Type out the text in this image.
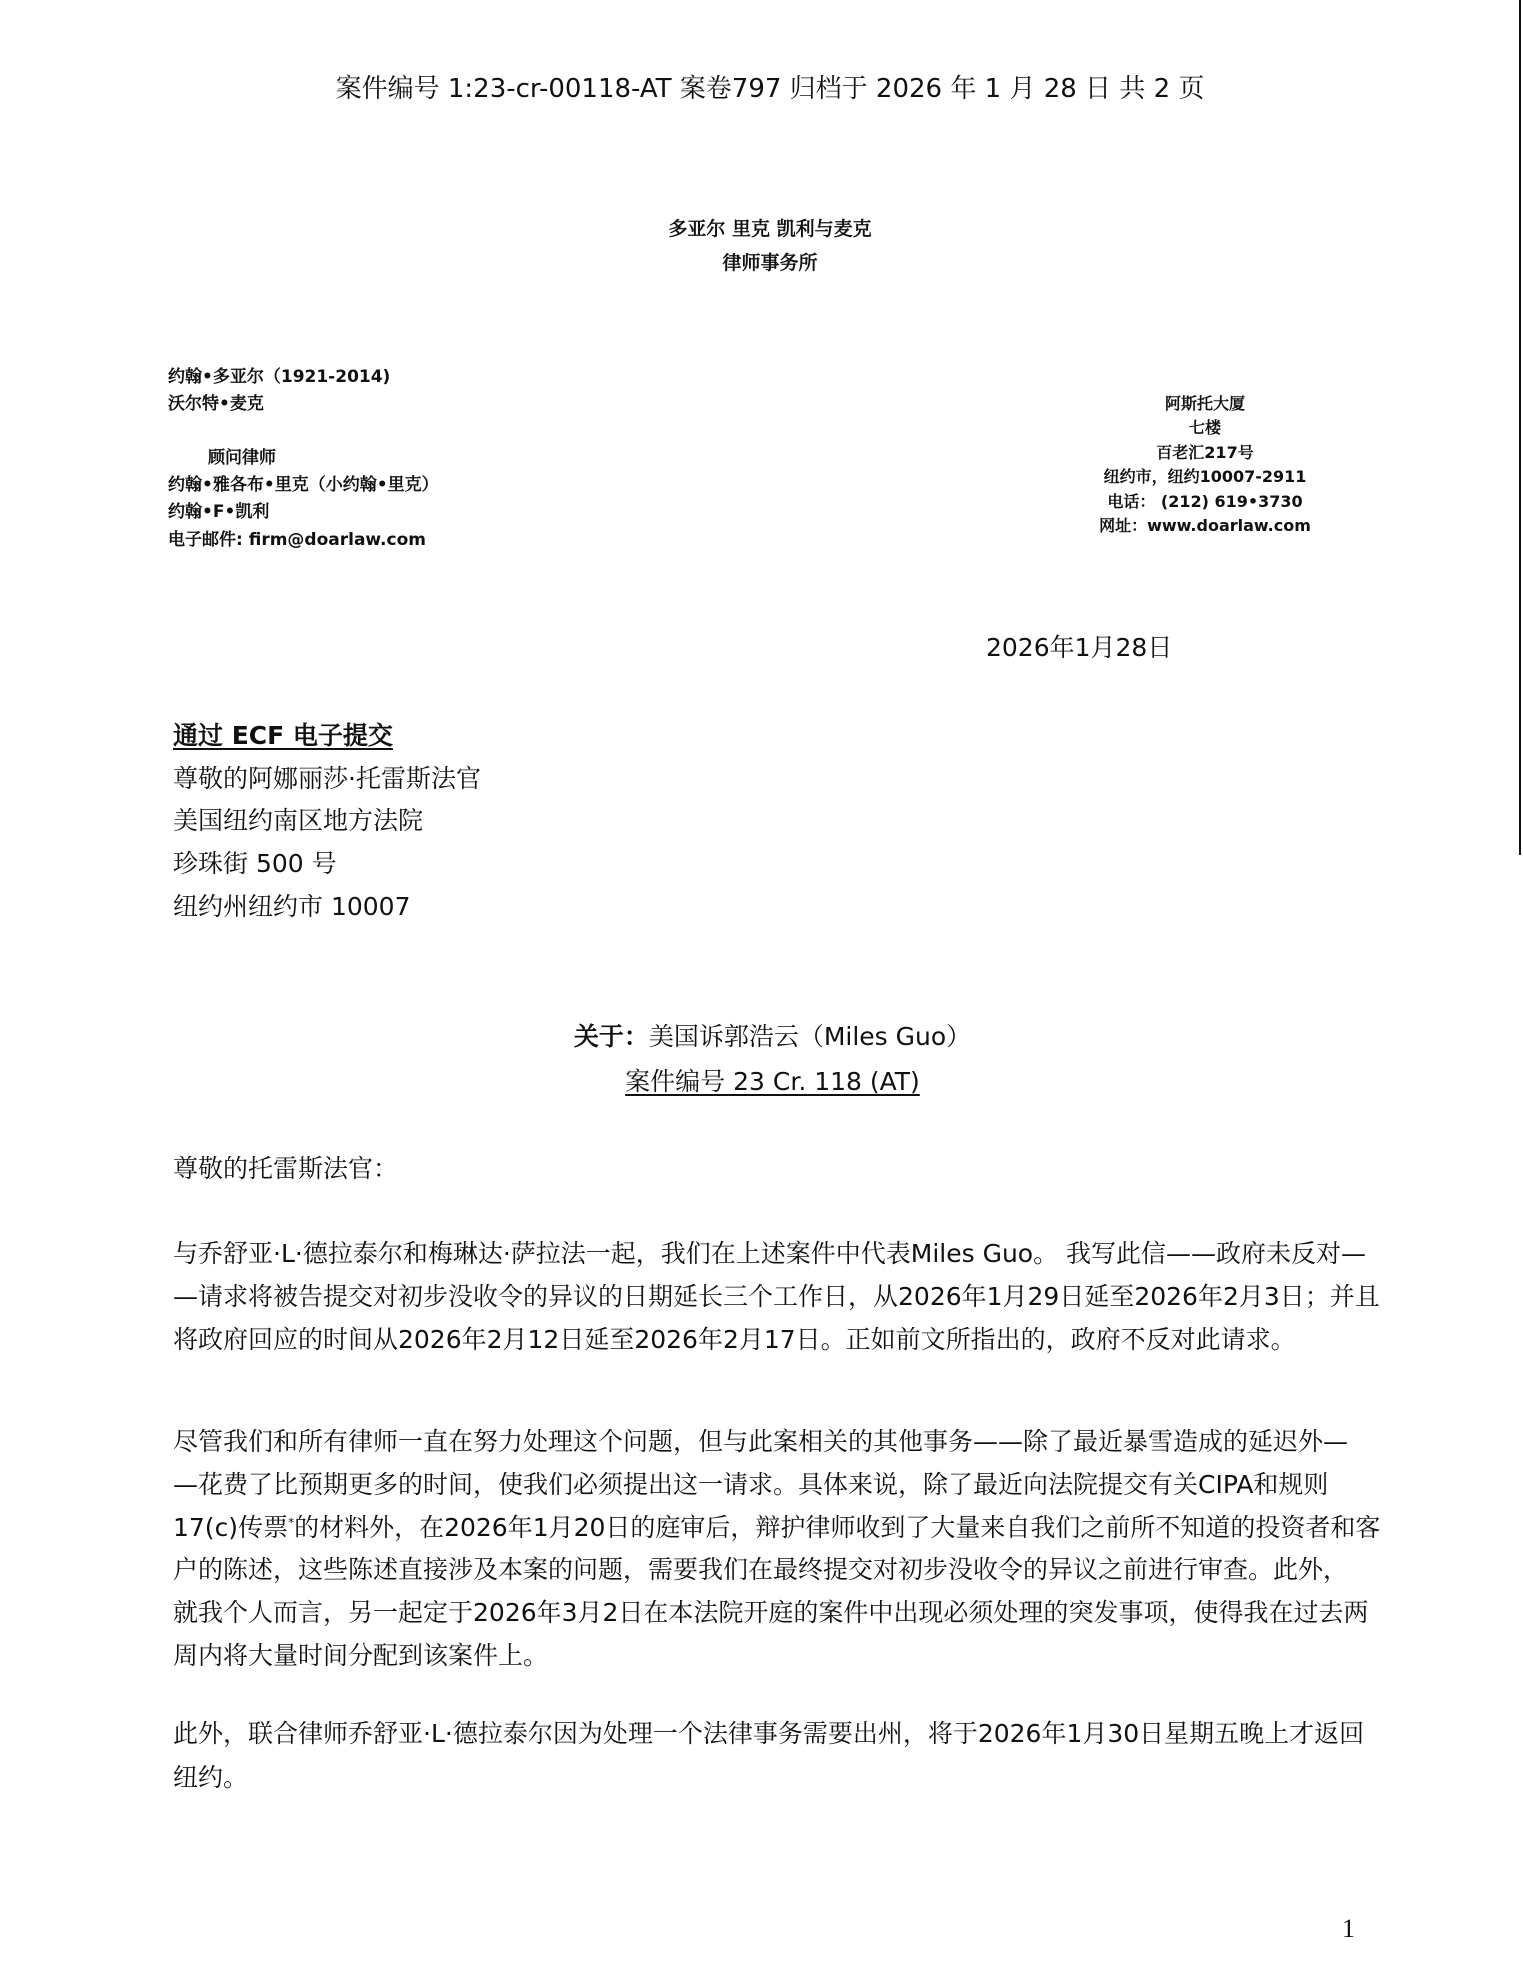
案件编号 1:23-cr-00118-AT 案卷797 归档于 2026 年 1 月 28 日 共 2 页
多亚尔 里克 凯利与麦克
律师事务所
约翰•多亚尔（1921-2014)
沃尔特•麦克
顾问律师
约翰•雅各布•里克（小约翰•里克）
约翰•F•凯利
电子邮件: firm@doarlaw.com
阿斯托大厦
七楼
百老汇217号
纽约市，纽约10007-2911
电话： (212) 619•3730
网址：www.doarlaw.com
2026年1月28日
通过 ECF 电子提交
尊敬的阿娜丽莎·托雷斯法官
美国纽约南区地方法院
珍珠街 500 号
纽约州纽约市 10007
关于：美国诉郭浩云（Miles Guo）
案件编号 23 Cr. 118 (AT)
尊敬的托雷斯法官：
与乔舒亚·L·德拉泰尔和梅琳达·萨拉法一起，我们在上述案件中代表Miles Guo。 我写此信——政府未反对—
—请求将被告提交对初步没收令的异议的日期延长三个工作日，从2026年1月29日延至2026年2月3日；并且
将政府回应的时间从2026年2月12日延至2026年2月17日。正如前文所指出的，政府不反对此请求。
尽管我们和所有律师一直在努力处理这个问题，但与此案相关的其他事务——除了最近暴雪造成的延迟外—
—花费了比预期更多的时间，使我们必须提出这一请求。具体来说，除了最近向法院提交有关CIPA和规则
17(c)传票*的材料外，在2026年1月20日的庭审后，辩护律师收到了大量来自我们之前所不知道的投资者和客
户的陈述，这些陈述直接涉及本案的问题，需要我们在最终提交对初步没收令的异议之前进行审查。此外，
就我个人而言，另一起定于2026年3月2日在本法院开庭的案件中出现必须处理的突发事项，使得我在过去两
周内将大量时间分配到该案件上。
此外，联合律师乔舒亚·L·德拉泰尔因为处理一个法律事务需要出州，将于2026年1月30日星期五晚上才返回
纽约。
1
